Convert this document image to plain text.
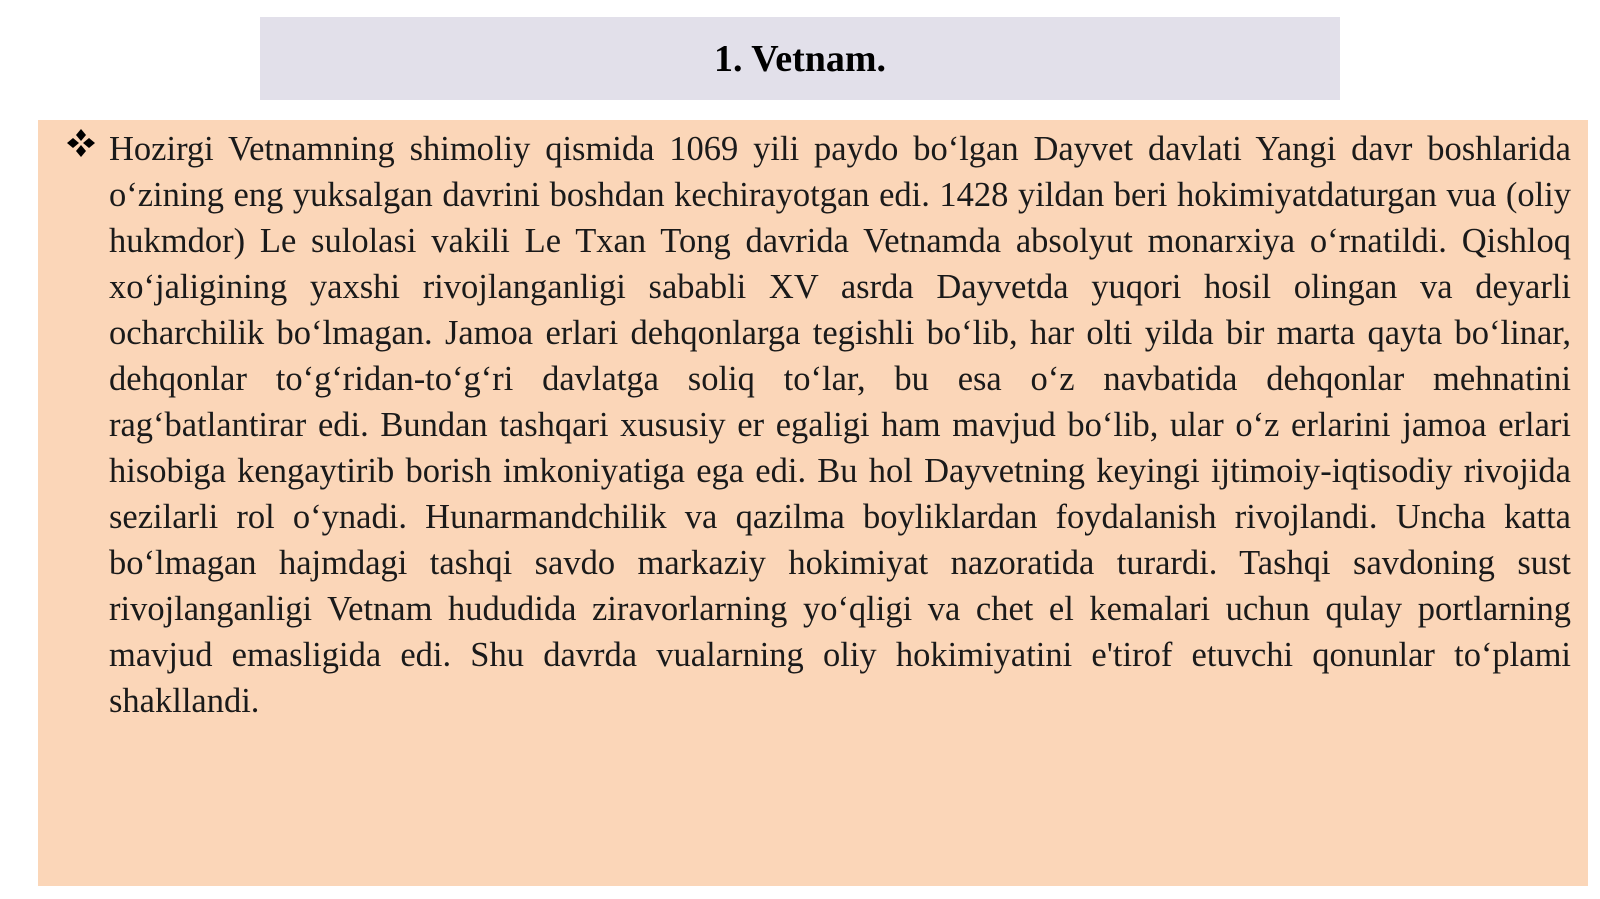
1. Vetnam.

Hozirgi Vetnamning shimoliy qismida 1069 yili paydo boʻlgan Dayvet davlati Yangi davr boshlarida oʻzining eng yuksalgan davrini boshdan kechirayotgan edi. 1428 yildan beri hokimiyatdaturgan vua (oliy hukmdor) Le sulolasi vakili Le Txan Tong davrida Vetnamda absolyut monarxiya oʻrnatildi. Qishloq xoʻjaligining yaxshi rivojlanganligi sababli XV asrda Dayvetda yuqori hosil olingan va deyarli ocharchilik boʻlmagan. Jamoa erlari dehqonlarga tegishli boʻlib, har olti yilda bir marta qayta boʻlinar, dehqonlar toʻgʻridan-toʻgʻri davlatga soliq toʻlar, bu esa oʻz navbatida dehqonlar mehnatini ragʻbatlantirar edi. Bundan tashqari xususiy er egaligi ham mavjud boʻlib, ular oʻz erlarini jamoa erlari hisobiga kengaytirib borish imkoniyatiga ega edi. Bu hol Dayvetning keyingi ijtimoiy-iqtisodiy rivojida sezilarli rol oʻynadi. Hunarmandchilik va qazilma boyliklardan foydalanish rivojlandi. Uncha katta boʻlmagan hajmdagi tashqi savdo markaziy hokimiyat nazoratida turardi. Tashqi savdoning sust rivojlanganligi Vetnam hududida ziravorlarning yoʻqligi va chet el kemalari uchun qulay portlarning mavjud emasligida edi. Shu davrda vualarning oliy hokimiyatini e'tirof etuvchi qonunlar toʻplami shakllandi.
